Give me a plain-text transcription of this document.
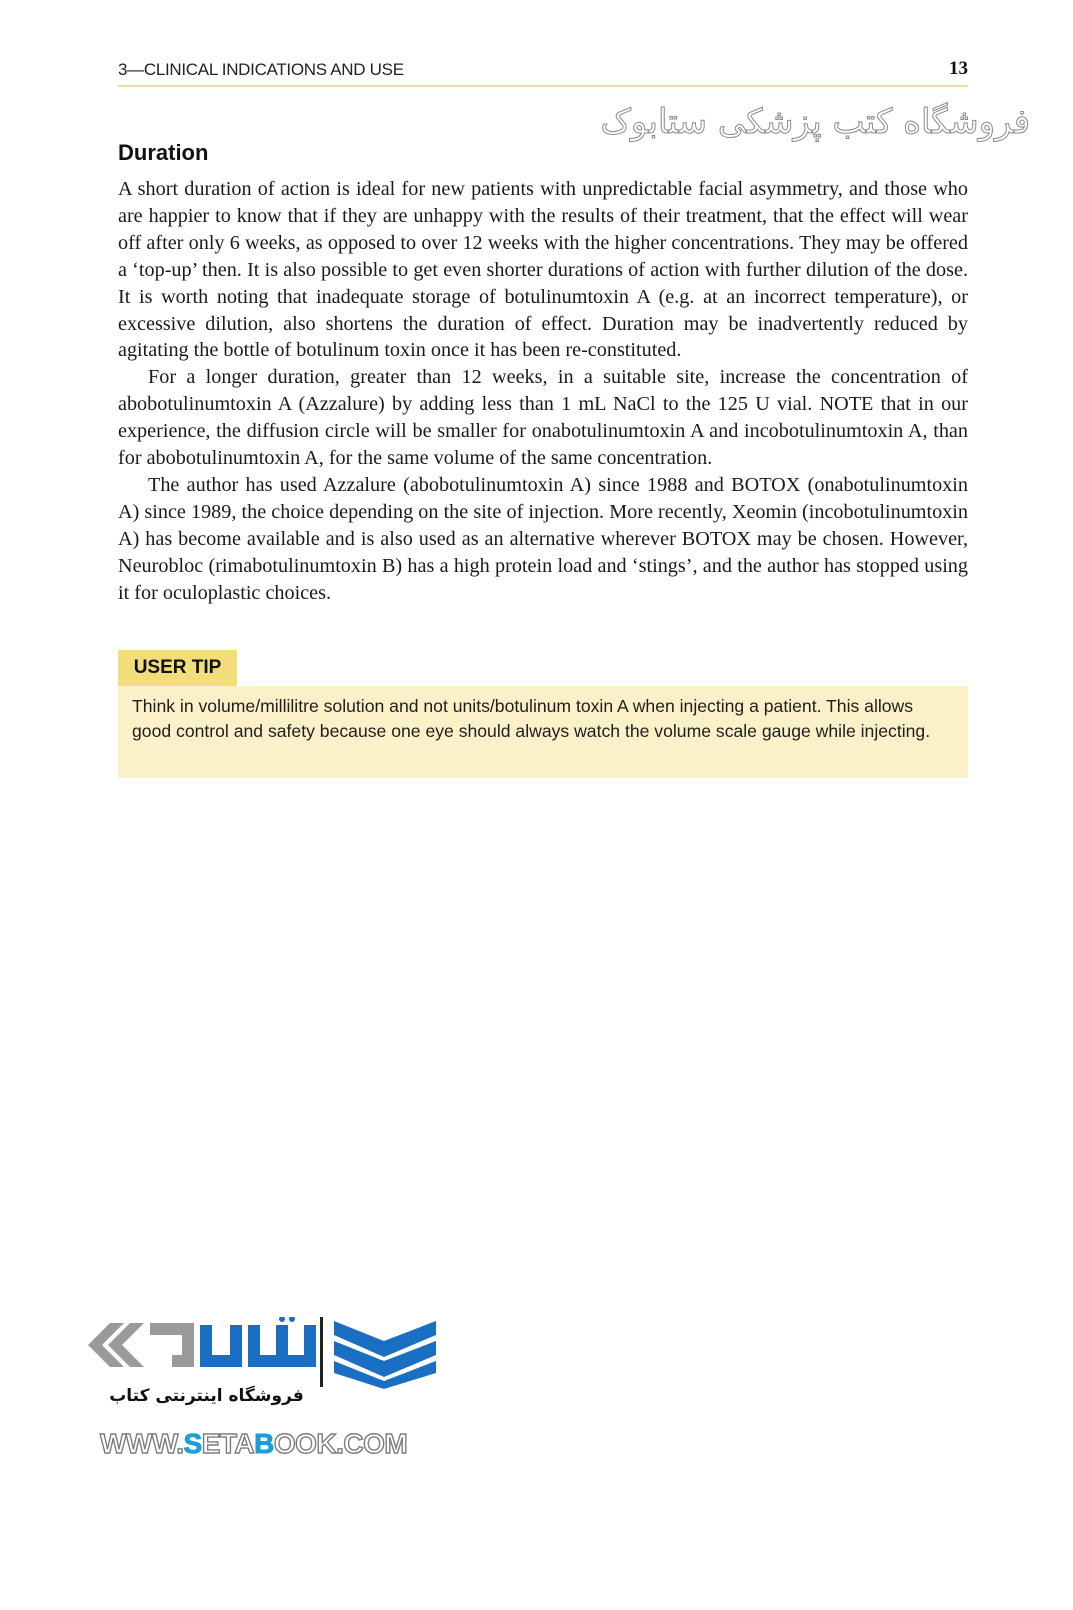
3—CLINICAL INDICATIONS AND USE	13
فروشگاه کتب پزشکی ستابوک
Duration

A short duration of action is ideal for new patients with unpredictable facial asymmetry, and those who are happier to know that if they are unhappy with the results of their treatment, that the effect will wear off after only 6 weeks, as opposed to over 12 weeks with the higher concentrations. They may be offered a ‘top-up’ then. It is also possible to get even shorter durations of action with further dilution of the dose. It is worth noting that inadequate storage of botulinumtoxin A (e.g. at an incorrect temperature), or excessive dilution, also shortens the duration of effect. Duration may be inadvertently reduced by agitating the bottle of botulinum toxin once it has been re-constituted.

For a longer duration, greater than 12 weeks, in a suitable site, increase the concentration of abobotulinumtoxin A (Azzalure) by adding less than 1 mL NaCl to the 125 U vial. NOTE that in our experience, the diffusion circle will be smaller for onabotulinumtoxin A and incobotulinumtoxin A, than for abobotulinumtoxin A, for the same volume of the same concentration.

The author has used Azzalure (abobotulinumtoxin A) since 1988 and BOTOX (onabotulinumtoxin A) since 1989, the choice depending on the site of injection. More recently, Xeomin (incobotulinumtoxin A) has become available and is also used as an alternative wherever BOTOX may be chosen. However, Neurobloc (rimabotulinumtoxin B) has a high protein load and ‘stings’, and the author has stopped using it for oculoplastic choices.

USER TIP
Think in volume/millilitre solution and not units/botulinum toxin A when injecting a patient. This allows good control and safety because one eye should always watch the volume scale gauge while injecting.
فروشگاه اینترنتی کتاب
WWW.SETABOOK.COM
